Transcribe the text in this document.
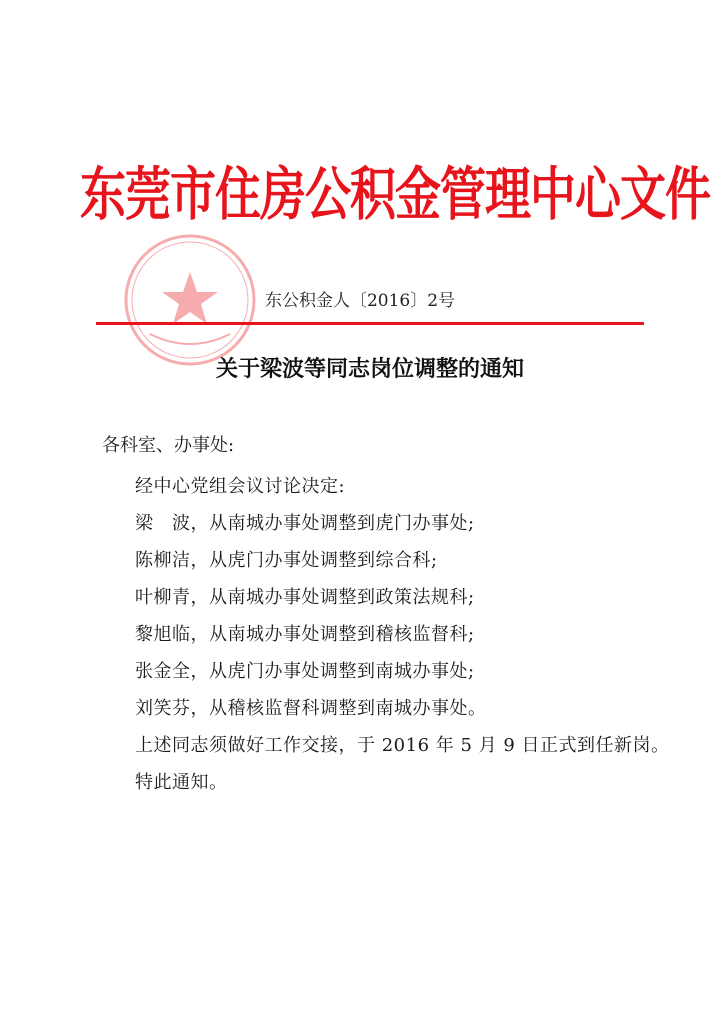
东莞市住房公积金管理中心文件
东公积金人〔2016〕2号
关于梁波等同志岗位调整的通知
各科室、办事处:
经中心党组会议讨论决定:
梁　波，从南城办事处调整到虎门办事处;
陈柳洁，从虎门办事处调整到综合科;
叶柳青，从南城办事处调整到政策法规科;
黎旭临，从南城办事处调整到稽核监督科;
张金全，从虎门办事处调整到南城办事处;
刘笑芬，从稽核监督科调整到南城办事处。
上述同志须做好工作交接，于 2016 年 5 月 9 日正式到任新岗。
特此通知。
